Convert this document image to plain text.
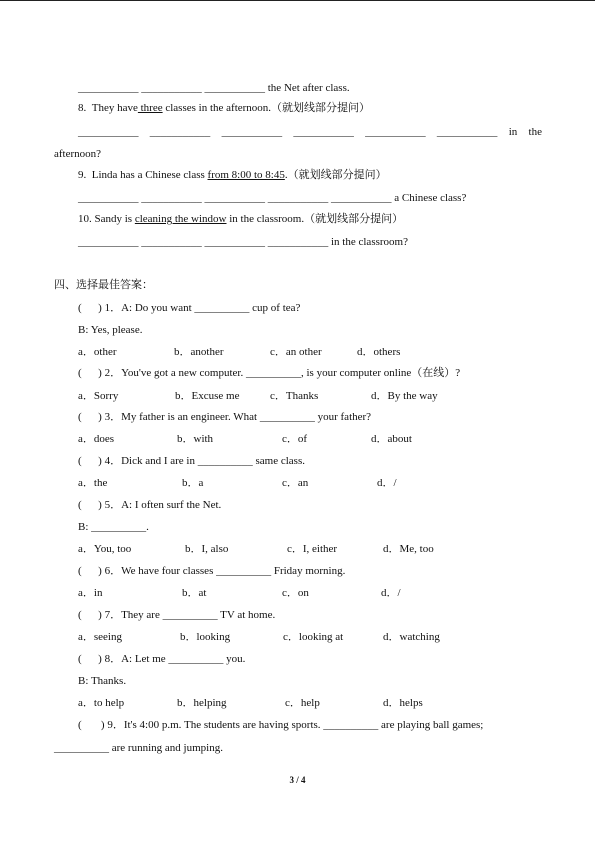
___________ ___________ ___________ the Net after class.
8.  They have three classes in the afternoon.（就划线部分提问）
___________ ___________ ___________ ___________ ___________ ___________ in the
afternoon?
9.  Linda has a Chinese class from 8:00 to 8:45.（就划线部分提问）
___________ ___________ ___________ ___________ ___________ a Chinese class?
10. Sandy is cleaning the window in the classroom.（就划线部分提问）
___________ ___________ ___________ ___________ in the classroom?
四、选择最佳答案：
(      ) 1．A: Do you want __________ cup of tea?
B: Yes, please.
a．other	b．another	c．an other	d．others
(      ) 2．You've got a new computer. __________, is your computer online（在线）?
a．Sorry	b．Excuse me	c．Thanks	d．By the way
(      ) 3．My father is an engineer. What __________ your father?
a．does	b．with	c．of	d．about
(      ) 4．Dick and I are in __________ same class.
a．the	b．a	c．an	d．/
(      ) 5．A: I often surf the Net.
B: __________.
a．You, too	b．I, also	c．I, either	d．Me, too
(      ) 6．We have four classes __________ Friday morning.
a．in	b．at	c．on	d．/
(      ) 7．They are __________ TV at home.
a．seeing	b．looking	c．looking at	d．watching
(      ) 8．A: Let me __________ you.
B: Thanks.
a．to help	b．helping	c．help	d．helps
(       ) 9．It's 4:00 p.m. The students are having sports. __________ are playing ball games;
__________ are running and jumping.
3 / 4
